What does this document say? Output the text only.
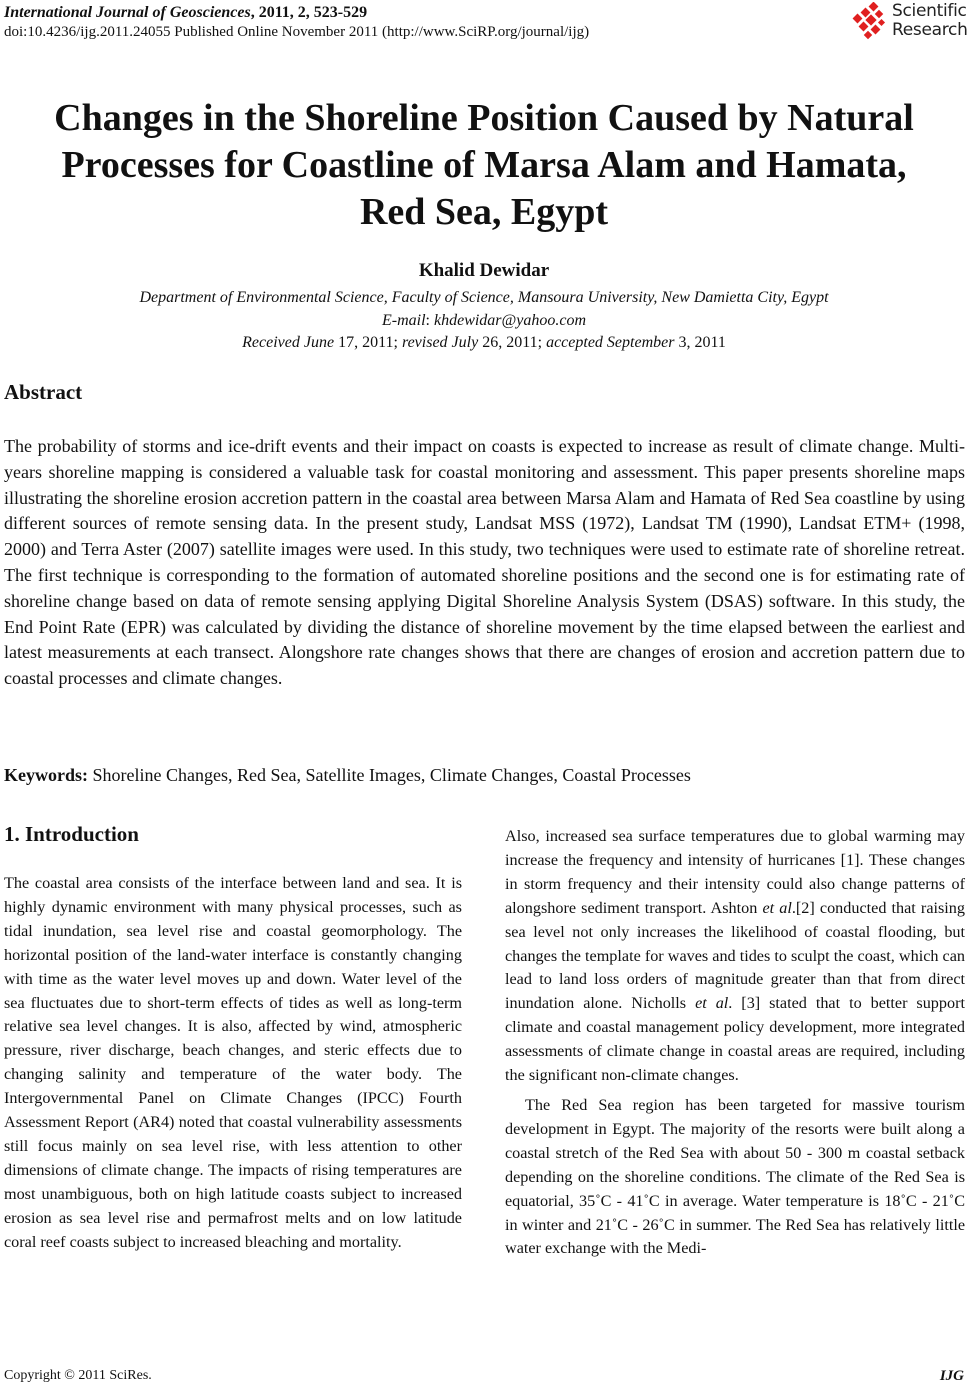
International Journal of Geosciences, 2011, 2, 523-529
doi:10.4236/ijg.2011.24055 Published Online November 2011 (http://www.SciRP.org/journal/ijg)
Scientific
Research
Changes in the Shoreline Position Caused by Natural
Processes for Coastline of Marsa Alam and Hamata,
Red Sea, Egypt
Khalid Dewidar
Department of Environmental Science, Faculty of Science, Mansoura University, New Damietta City, Egypt
E-mail: khdewidar@yahoo.com
Received June 17, 2011; revised July 26, 2011; accepted September 3, 2011
Abstract

The probability of storms and ice-drift events and their impact on coasts is expected to increase as result of climate change. Multi-years shoreline mapping is considered a valuable task for coastal monitoring and assessment. This paper presents shoreline maps illustrating the shoreline erosion accretion pattern in the coastal area between Marsa Alam and Hamata of Red Sea coastline by using different sources of remote sensing data. In the present study, Landsat MSS (1972), Landsat TM (1990), Landsat ETM+ (1998, 2000) and Terra Aster (2007) satellite images were used. In this study, two techniques were used to estimate rate of shoreline retreat. The first technique is corresponding to the formation of automated shoreline positions and the second one is for estimating rate of shoreline change based on data of remote sensing applying Digital Shoreline Analysis System (DSAS) software. In this study, the End Point Rate (EPR) was calculated by dividing the distance of shoreline movement by the time elapsed between the earliest and latest measurements at each transect. Alongshore rate changes shows that there are changes of erosion and accretion pattern due to coastal processes and climate changes.

Keywords: Shoreline Changes, Red Sea, Satellite Images, Climate Changes, Coastal Processes
1. Introduction

The coastal area consists of the interface between land and sea. It is highly dynamic environment with many physical processes, such as tidal inundation, sea level rise and coastal geomorphology. The horizontal position of the land-water interface is constantly changing with time as the water level moves up and down. Water level of the sea fluctuates due to short-term effects of tides as well as long-term relative sea level changes. It is also, affected by wind, atmospheric pressure, river discharge, beach changes, and steric effects due to changing salinity and temperature of the water body. The Intergovernmental Panel on Climate Changes (IPCC) Fourth Assessment Report (AR4) noted that coastal vulnerability assessments still focus mainly on sea level rise, with less attention to other dimensions of climate change. The impacts of rising temperatures are most unambiguous, both on high latitude coasts subject to increased erosion as sea level rise and permafrost melts and on low latitude coral reef coasts subject to increased bleaching and mortality.

Also, increased sea surface temperatures due to global warming may increase the frequency and intensity of hurricanes [1]. These changes in storm frequency and their intensity could also change patterns of alongshore sediment transport. Ashton et al.[2] conducted that raising sea level not only increases the likelihood of coastal flooding, but changes the template for waves and tides to sculpt the coast, which can lead to land loss orders of magnitude greater than that from direct inundation alone. Nicholls et al. [3] stated that to better support climate and coastal management policy development, more integrated assessments of climate change in coastal areas are required, including the significant non-climate changes.

The Red Sea region has been targeted for massive tourism development in Egypt. The majority of the resorts were built along a coastal stretch of the Red Sea with about 50 - 300 m coastal setback depending on the shoreline conditions. The climate of the Red Sea is equatorial, 35˚C - 41˚C in average. Water temperature is 18˚C - 21˚C in winter and 21˚C - 26˚C in summer. The Red Sea has relatively little water exchange with the Medi-

Copyright © 2011 SciRes.	IJG
